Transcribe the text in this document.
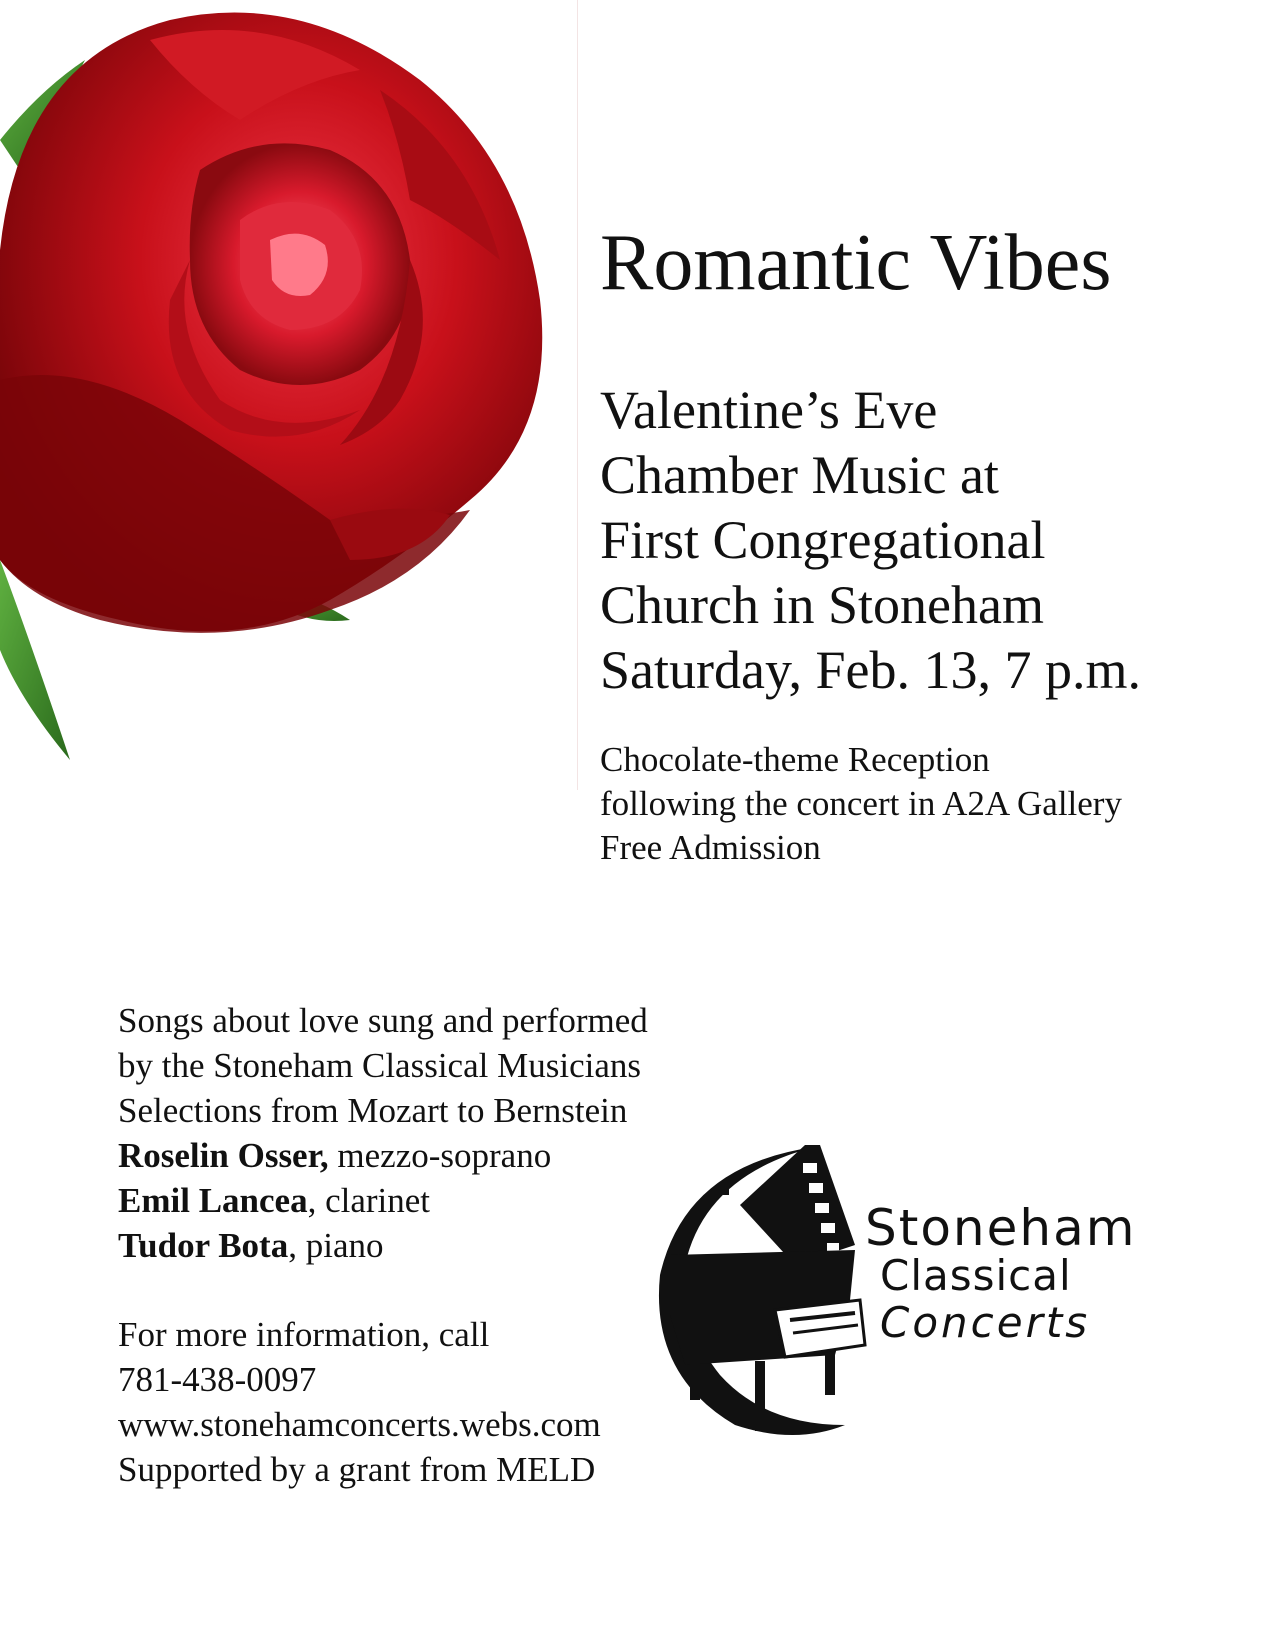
Romantic Vibes
Valentine’s Eve
Chamber Music at
First Congregational
Church in Stoneham
Saturday, Feb. 13, 7 p.m.
Chocolate-theme Reception
following the concert in A2A Gallery
Free Admission
Songs about love sung and performed
by the Stoneham Classical Musicians
Selections from Mozart to Bernstein
Roselin Osser, mezzo-soprano
Emil Lancea, clarinet
Tudor Bota, piano
For more information, call
781-438-0097
www.stonehamconcerts.webs.com
Supported by a grant from MELD
Stoneham
Classical
Concerts
